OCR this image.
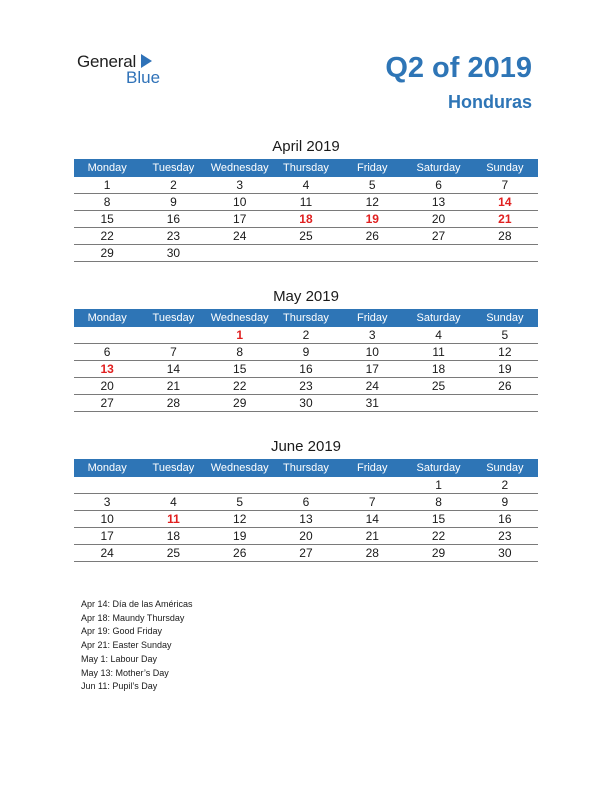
General
Blue	Q2 of 2019
Honduras
April 2019
Monday	Tuesday	Wednesday	Thursday	Friday	Saturday	Sunday
1	2	3	4	5	6	7
8	9	10	11	12	13	14
15	16	17	18	19	20	21
22	23	24	25	26	27	28
29	30					
May 2019
Monday	Tuesday	Wednesday	Thursday	Friday	Saturday	Sunday
		1	2	3	4	5
6	7	8	9	10	11	12
13	14	15	16	17	18	19
20	21	22	23	24	25	26
27	28	29	30	31		
June 2019
Monday	Tuesday	Wednesday	Thursday	Friday	Saturday	Sunday
					1	2
3	4	5	6	7	8	9
10	11	12	13	14	15	16
17	18	19	20	21	22	23
24	25	26	27	28	29	30
Apr 14: Día de las Américas
Apr 18: Maundy Thursday
Apr 19: Good Friday
Apr 21: Easter Sunday
May 1: Labour Day
May 13: Mother’s Day
Jun 11: Pupil’s Day
